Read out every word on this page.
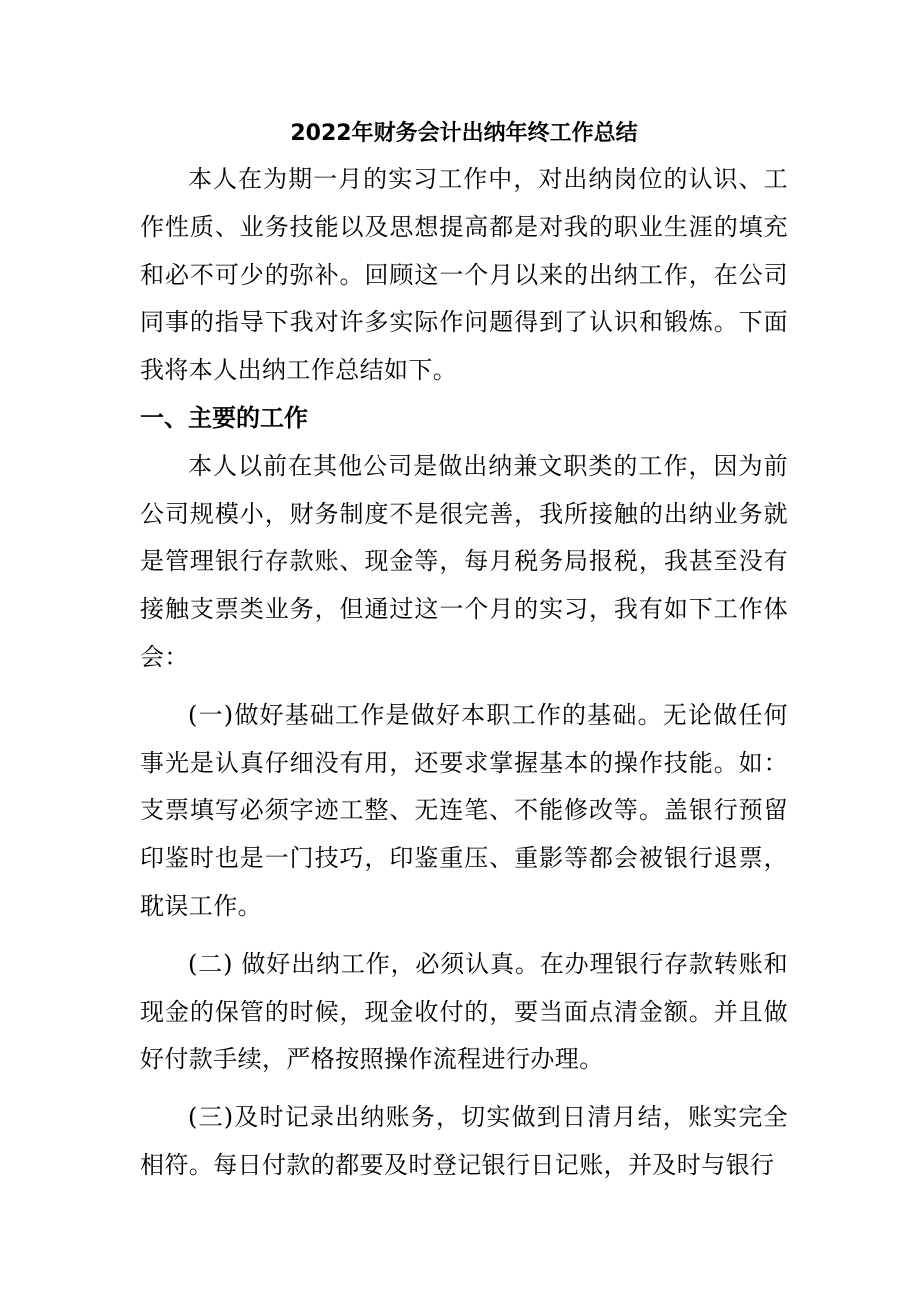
2022年财务会计出纳年终工作总结

本人在为期一月的实习工作中，对出纳岗位的认识、工作性质、业务技能以及思想提高都是对我的职业生涯的填充和必不可少的弥补。回顾这一个月以来的出纳工作，在公司同事的指导下我对许多实际作问题得到了认识和锻炼。下面我将本人出纳工作总结如下。

一、主要的工作

本人以前在其他公司是做出纳兼文职类的工作，因为前公司规模小，财务制度不是很完善，我所接触的出纳业务就是管理银行存款账、现金等，每月税务局报税，我甚至没有接触支票类业务，但通过这一个月的实习，我有如下工作体会：

(一)做好基础工作是做好本职工作的基础。无论做任何事光是认真仔细没有用，还要求掌握基本的操作技能。如：支票填写必须字迹工整、无连笔、不能修改等。盖银行预留印鉴时也是一门技巧，印鉴重压、重影等都会被银行退票，耽误工作。

(二) 做好出纳工作，必须认真。在办理银行存款转账和现金的保管的时候，现金收付的，要当面点清金额。并且做好付款手续，严格按照操作流程进行办理。

(三)及时记录出纳账务，切实做到日清月结，账实完全相符。每日付款的都要及时登记银行日记账，并及时与银行
